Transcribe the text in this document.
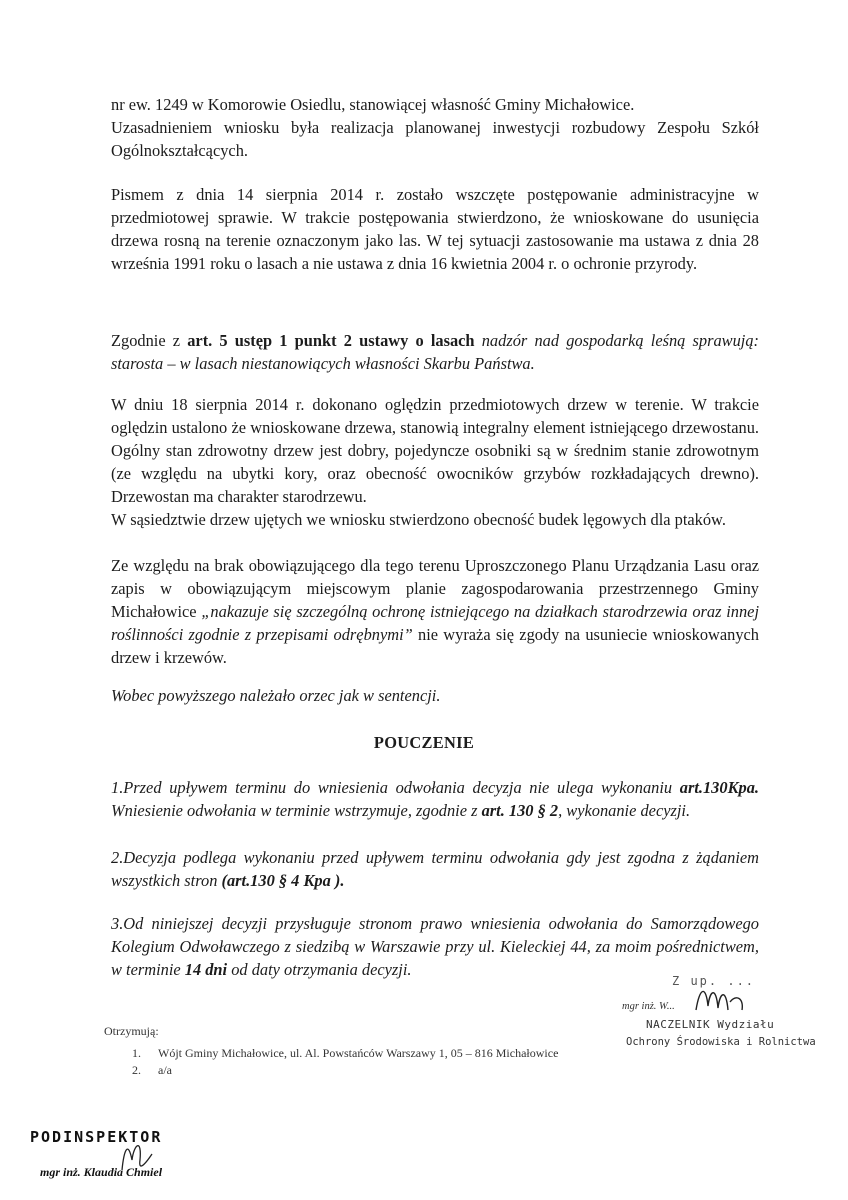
nr ew. 1249 w Komorowie Osiedlu, stanowiącej własność Gminy Michałowice.

Uzasadnieniem wniosku była realizacja planowanej inwestycji rozbudowy Zespołu Szkół Ogólnokształcących.

Pismem z dnia 14 sierpnia 2014 r. zostało wszczęte postępowanie administracyjne w przedmiotowej sprawie. W trakcie postępowania stwierdzono, że wnioskowane do usunięcia drzewa rosną na terenie oznaczonym jako las. W tej sytuacji zastosowanie ma ustawa z dnia 28 września 1991 roku o lasach a nie ustawa z dnia 16 kwietnia 2004 r. o ochronie przyrody.

Zgodnie z art. 5 ustęp 1 punkt 2 ustawy o lasach nadzór nad gospodarką leśną sprawują: starosta – w lasach niestanowiących własności Skarbu Państwa.

W dniu 18 sierpnia 2014 r. dokonano oględzin przedmiotowych drzew w terenie. W trakcie oględzin ustalono że wnioskowane drzewa, stanowią integralny element istniejącego drzewostanu. Ogólny stan zdrowotny drzew jest dobry, pojedyncze osobniki są w średnim stanie zdrowotnym (ze względu na ubytki kory, oraz obecność owocników grzybów rozkładających drewno). Drzewostan ma charakter starodrzewu.

W sąsiedztwie drzew ujętych we wniosku stwierdzono obecność budek lęgowych dla ptaków.

Ze względu na brak obowiązującego dla tego terenu Uproszczonego Planu Urządzania Lasu oraz zapis w obowiązującym miejscowym planie zagospodarowania przestrzennego Gminy Michałowice „nakazuje się szczególną ochronę istniejącego na działkach starodrzewia oraz innej roślinności zgodnie z przepisami odrębnymi” nie wyraża się zgody na usuniecie wnioskowanych drzew i krzewów.

Wobec powyższego należało orzec jak w sentencji.

POUCZENIE

1.Przed upływem terminu do wniesienia odwołania decyzja nie ulega wykonaniu art.130Kpa. Wniesienie odwołania w terminie wstrzymuje, zgodnie z art. 130 § 2, wykonanie decyzji.

2.Decyzja podlega wykonaniu przed upływem terminu odwołania gdy jest zgodna z żądaniem wszystkich stron (art.130 § 4 Kpa ).

3.Od niniejszej decyzji przysługuje stronom prawo wniesienia odwołania do Samorządowego Kolegium Odwoławczego z siedzibą w Warszawie przy ul. Kieleckiej 44, za moim pośrednictwem, w terminie 14 dni od daty otrzymania decyzji.

Z up. ...
mgr inż. W...
NACZELNIK Wydziału
Ochrony Środowiska i Rolnictwa
Otrzymują:
1. Wójt Gminy Michałowice, ul. Al. Powstańców Warszawy 1, 05 – 816 Michałowice
2. a/a
PODINSPEKTOR
mgr inż. Klaudia Chmiel
